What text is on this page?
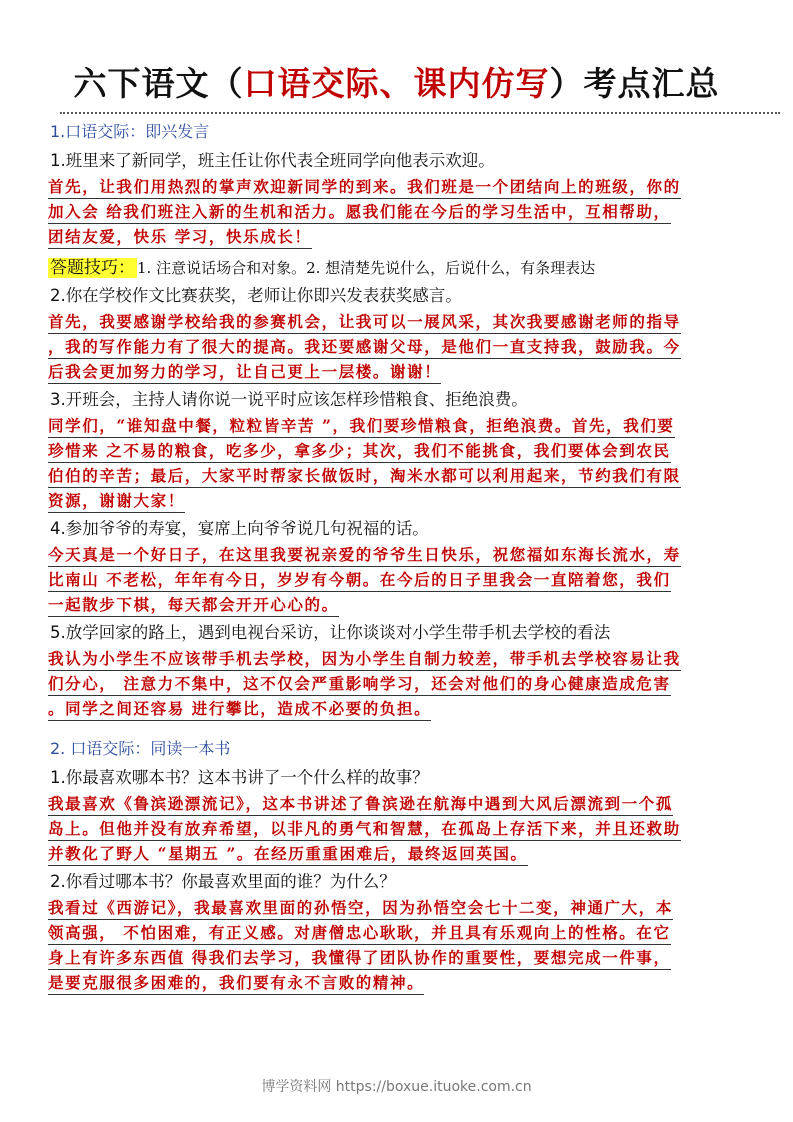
六下语文（口语交际、课内仿写）考点汇总
1.口语交际：即兴发言
1.班里来了新同学，班主任让你代表全班同学向他表示欢迎。
首先，让我们用热烈的掌声欢迎新同学的到来。我们班是一个团结向上的班级，你的
加入会 给我们班注入新的生机和活力。愿我们能在今后的学习生活中，互相帮助，
团结友爱，快乐 学习，快乐成长！
答题技巧： 1. 注意说话场合和对象。2. 想清楚先说什么，后说什么，有条理表达
2.你在学校作文比赛获奖，老师让你即兴发表获奖感言。
首先，我要感谢学校给我的参赛机会，让我可以一展风采，其次我要感谢老师的指导
，我的写作能力有了很大的提高。我还要感谢父母，是他们一直支持我，鼓励我。今
后我会更加努力的学习，让自己更上一层楼。谢谢！
3.开班会，主持人请你说一说平时应该怎样珍惜粮食、拒绝浪费。
同学们，“谁知盘中餐，粒粒皆辛苦 ”，我们要珍惜粮食，拒绝浪费。首先，我们要
珍惜来 之不易的粮食，吃多少，拿多少；其次，我们不能挑食，我们要体会到农民
伯伯的辛苦；最后，大家平时帮家长做饭时，淘米水都可以利用起来，节约我们有限
资源，谢谢大家！
4.参加爷爷的寿宴，宴席上向爷爷说几句祝福的话。
今天真是一个好日子，在这里我要祝亲爱的爷爷生日快乐，祝您福如东海长流水，寿
比南山 不老松，年年有今日，岁岁有今朝。在今后的日子里我会一直陪着您，我们
一起散步下棋，每天都会开开心心的。
5.放学回家的路上，遇到电视台采访，让你谈谈对小学生带手机去学校的看法
我认为小学生不应该带手机去学校，因为小学生自制力较差，带手机去学校容易让我
们分心， 注意力不集中，这不仅会严重影响学习，还会对他们的身心健康造成危害
。同学之间还容易 进行攀比，造成不必要的负担。
2. 口语交际：同读一本书
1.你最喜欢哪本书？这本书讲了一个什么样的故事？
我最喜欢《鲁滨逊漂流记》，这本书讲述了鲁滨逊在航海中遇到大风后漂流到一个孤
岛上。但他并没有放弃希望，以非凡的勇气和智慧，在孤岛上存活下来，并且还救助
并教化了野人 “星期五 ”。在经历重重困难后，最终返回英国。
2.你看过哪本书？你最喜欢里面的谁？为什么？
我看过《西游记》，我最喜欢里面的孙悟空，因为孙悟空会七十二变，神通广大，本
领高强， 不怕困难，有正义感。对唐僧忠心耿耿，并且具有乐观向上的性格。在它
身上有许多东西值 得我们去学习，我懂得了团队协作的重要性，要想完成一件事，
是要克服很多困难的，我们要有永不言败的精神。
博学资料网 https://boxue.ituoke.com.cn
